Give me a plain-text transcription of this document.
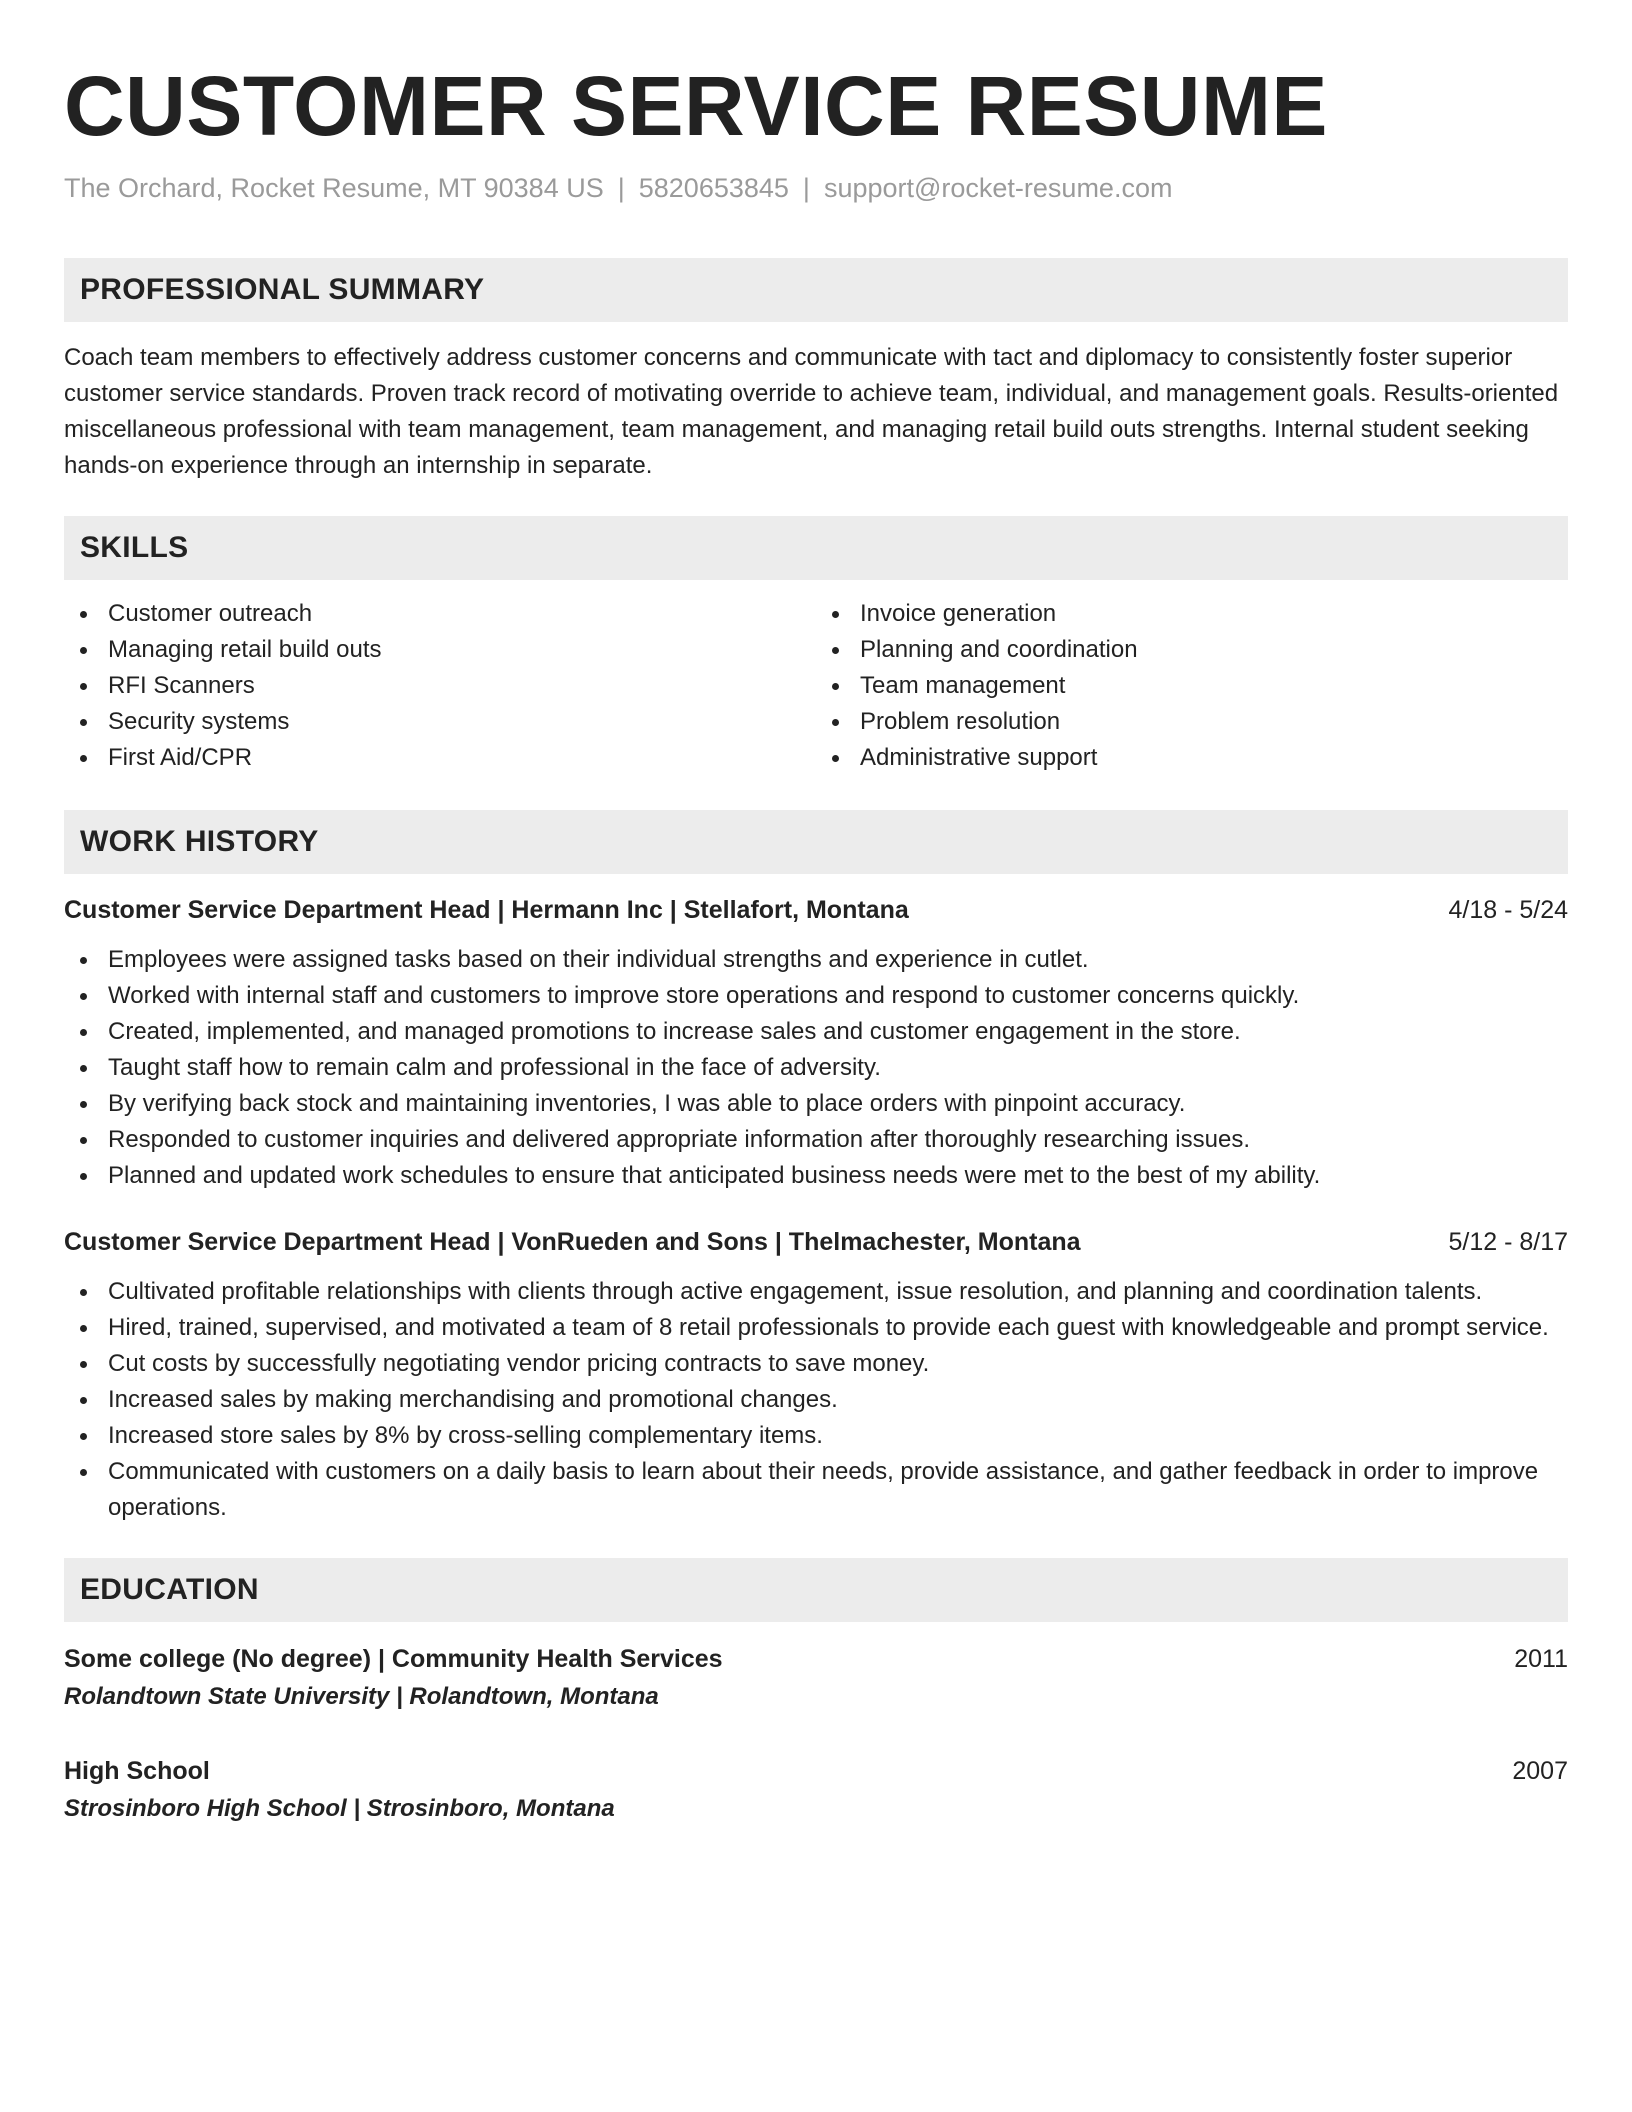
CUSTOMER SERVICE RESUME
The Orchard, Rocket Resume, MT 90384 US | 5820653845 | support@rocket-resume.com
PROFESSIONAL SUMMARY
Coach team members to effectively address customer concerns and communicate with tact and diplomacy to consistently foster superior customer service standards. Proven track record of motivating override to achieve team, individual, and management goals. Results-oriented miscellaneous professional with team management, team management, and managing retail build outs strengths. Internal student seeking hands-on experience through an internship in separate.
SKILLS
Customer outreach
Managing retail build outs
RFI Scanners
Security systems
First Aid/CPR
Invoice generation
Planning and coordination
Team management
Problem resolution
Administrative support
WORK HISTORY
Customer Service Department Head | Hermann Inc | Stellafort, Montana	4/18 - 5/24
Employees were assigned tasks based on their individual strengths and experience in cutlet.
Worked with internal staff and customers to improve store operations and respond to customer concerns quickly.
Created, implemented, and managed promotions to increase sales and customer engagement in the store.
Taught staff how to remain calm and professional in the face of adversity.
By verifying back stock and maintaining inventories, I was able to place orders with pinpoint accuracy.
Responded to customer inquiries and delivered appropriate information after thoroughly researching issues.
Planned and updated work schedules to ensure that anticipated business needs were met to the best of my ability.
Customer Service Department Head | VonRueden and Sons | Thelmachester, Montana	5/12 - 8/17
Cultivated profitable relationships with clients through active engagement, issue resolution, and planning and coordination talents.
Hired, trained, supervised, and motivated a team of 8 retail professionals to provide each guest with knowledgeable and prompt service.
Cut costs by successfully negotiating vendor pricing contracts to save money.
Increased sales by making merchandising and promotional changes.
Increased store sales by 8% by cross-selling complementary items.
Communicated with customers on a daily basis to learn about their needs, provide assistance, and gather feedback in order to improve operations.
EDUCATION
Some college (No degree) | Community Health Services	2011
Rolandtown State University | Rolandtown, Montana
High School	2007
Strosinboro High School | Strosinboro, Montana
